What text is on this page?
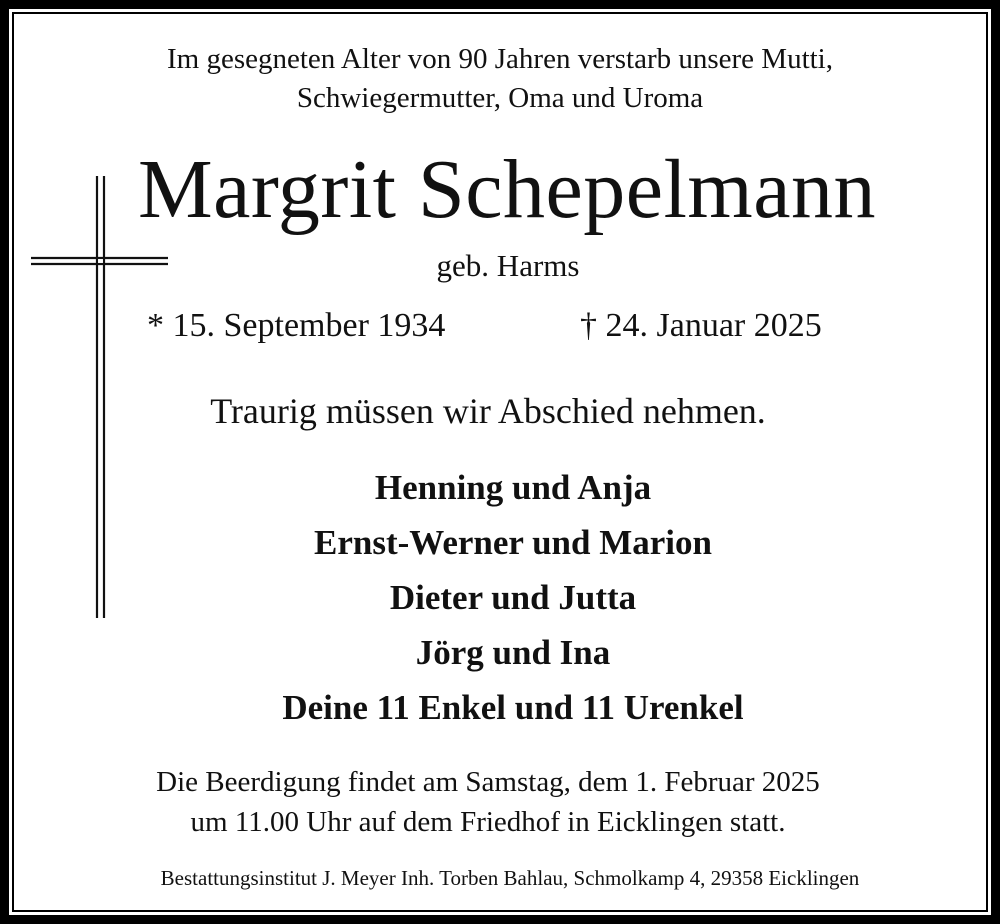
Im gesegneten Alter von 90 Jahren verstarb unsere Mutti,

Schwiegermutter, Oma und Uroma

Margrit Schepelmann

geb. Harms

* 15. September 1934	† 24. Januar 2025

Traurig müssen wir Abschied nehmen.

Henning und Anja

Ernst-Werner und Marion

Dieter und Jutta

Jörg und Ina

Deine 11 Enkel und 11 Urenkel

Die Beerdigung findet am Samstag, dem 1. Februar 2025

um 11.00 Uhr auf dem Friedhof in Eicklingen statt.

Bestattungsinstitut J. Meyer Inh. Torben Bahlau, Schmolkamp 4, 29358 Eicklingen
